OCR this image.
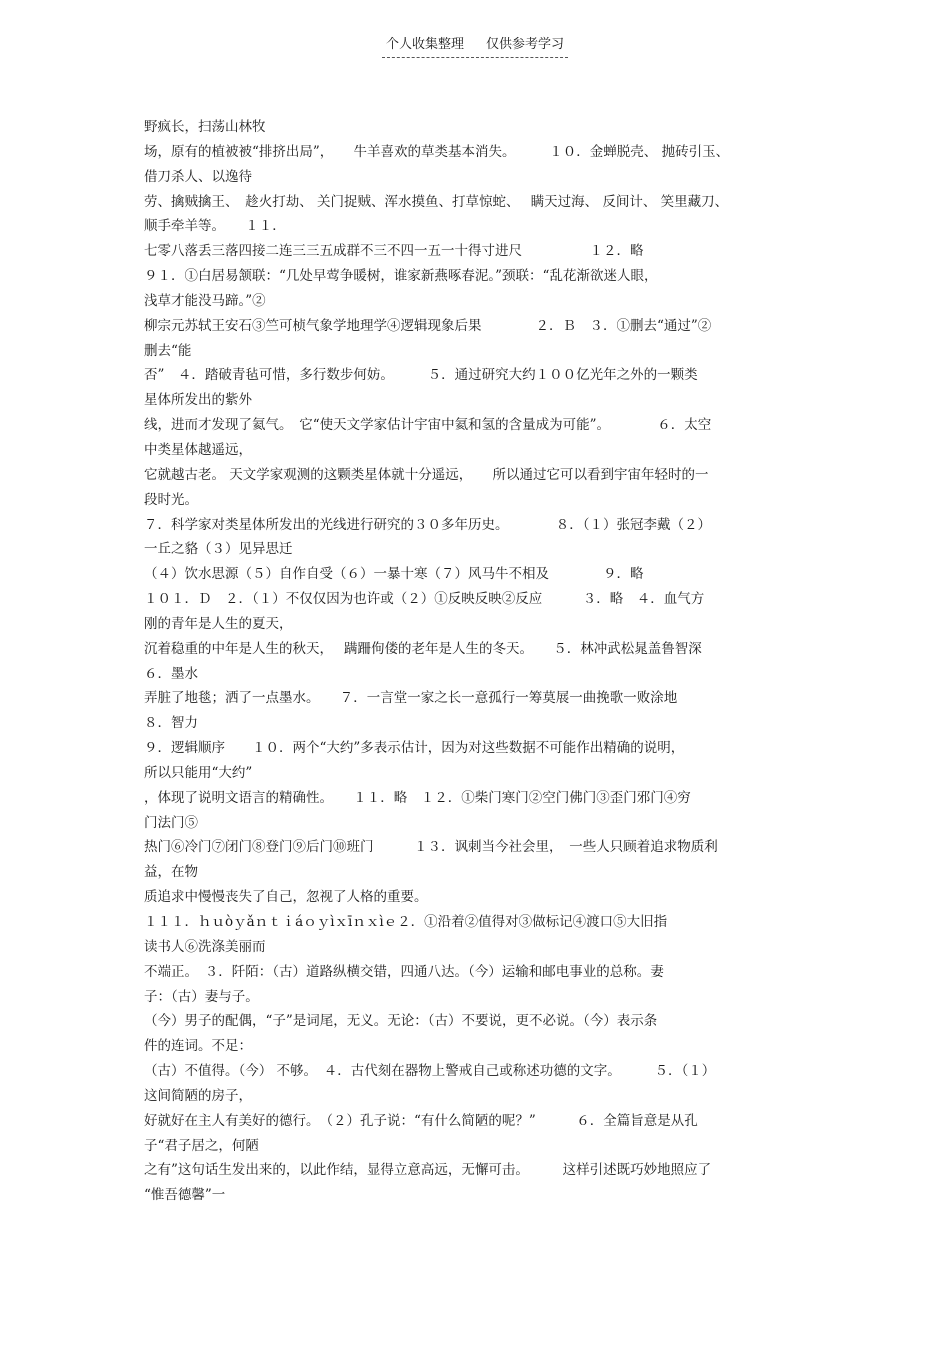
个人收集整理 仅供参考学习
野疯长，扫荡山林牧
场，原有的植被被“排挤出局”，　　牛羊喜欢的草类基本消失。　　　１０．金蝉脱壳、 抛砖引玉、
借刀杀人、以逸待
劳、擒贼擒王、　趁火打劫、 关门捉贼、浑水摸鱼、打草惊蛇、　 瞒天过海、 反间计、 笑里藏刀、
顺手牵羊等。　　１１．
七零八落丢三落四接二连三三五成群不三不四一五一十得寸进尺　　　　　１２．略
９１．①白居易颔联：“几处早莺争暖树，谁家新燕啄春泥。”颈联：“乱花渐欲迷人眼，
浅草才能没马蹄。”②
柳宗元苏轼王安石③竺可桢气象学地理学④逻辑现象后果　　　　２．Ｂ　３．①删去“通过”②
删去“能
否”　４．踏破青毡可惜，多行数步何妨。　　　５．通过研究大约１００亿光年之外的一颗类
星体所发出的紫外
线，进而才发现了氦气。　它“使天文学家估计宇宙中氦和氢的含量成为可能”。　　　　６．太空
中类星体越遥远，
它就越古老。 天文学家观测的这颗类星体就十分遥远，　　所以通过它可以看到宇宙年轻时的一
段时光。
７．科学家对类星体所发出的光线进行研究的３０多年历史。　　　　８．（１）张冠李戴（２）
一丘之貉（３）见异思迁
（４）饮水思源（５）自作自受（６）一暴十寒（７）风马牛不相及　　　　９．略
１０１．Ｄ　２．（１）不仅仅因为也许或（２）①反映反映②反应　　　３．略　４．血气方
刚的青年是人生的夏天，
沉着稳重的中年是人生的秋天，　 蹒跚佝偻的老年是人生的冬天。　　５．林冲武松晁盖鲁智深
６．墨水
弄脏了地毯；洒了一点墨水。　　７．一言堂一家之长一意孤行一筹莫展一曲挽歌一败涂地
８．智力
９．逻辑顺序　　１０．两个“大约”多表示估计，因为对这些数据不可能作出精确的说明，
所以只能用“大约”
，体现了说明文语言的精确性。　　１１．略　１２．①柴门寒门②空门佛门③歪门邪门④穷
门法门⑤
热门⑥冷门⑦闭门⑧登门⑨后门⑩班门　　　１３．讽刺当今社会里，　一些人只顾着追求物质利
益，在物
质追求中慢慢丧失了自己，忽视了人格的重要。
１１１．ｈｕòｙǎｎｔｉáｏｙìｘīｎｘìｅ２．①沿着②值得对③做标记④渡口⑤大旧指
读书人⑥洗涤美丽而
不端正。　３．阡陌：（古）道路纵横交错，四通八达。（今）运输和邮电事业的总称。妻
子：（古）妻与子。
（今）男子的配偶，“子”是词尾，无义。无论：（古）不要说，更不必说。（今）表示条
件的连词。不足：
（古）不值得。（今） 不够。　４．古代刻在器物上警戒自己或称述功德的文字。　　　５．（１）
这间简陋的房子，
好就好在主人有美好的德行。　（２）孔子说：“有什么简陋的呢？”　　　６．全篇旨意是从孔
子“君子居之，何陋
之有”这句话生发出来的，以此作结，显得立意高远，无懈可击。　　　这样引述既巧妙地照应了
“惟吾德馨”一
